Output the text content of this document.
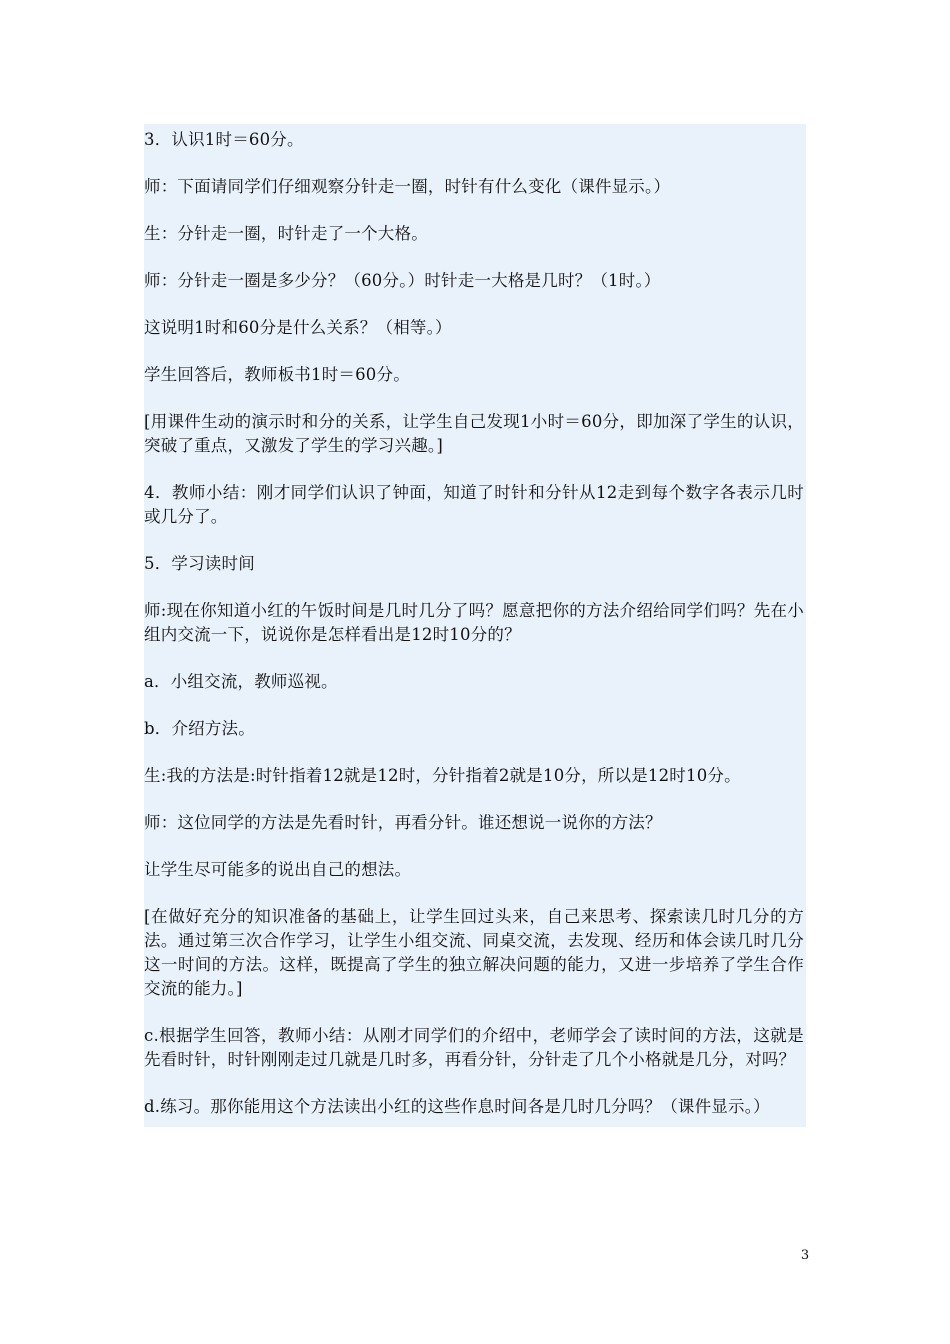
3．认识1时＝60分。

师：下面请同学们仔细观察分针走一圈，时针有什么变化（课件显示。）

生：分针走一圈，时针走了一个大格。

师：分针走一圈是多少分？（60分。）时针走一大格是几时？（1时。）

这说明1时和60分是什么关系？（相等。）

学生回答后，教师板书1时＝60分。

[用课件生动的演示时和分的关系，让学生自己发现1小时＝60分，即加深了学生的认识，突破了重点，又激发了学生的学习兴趣。]

4．教师小结：刚才同学们认识了钟面，知道了时针和分针从12走到每个数字各表示几时或几分了。

5．学习读时间

师:现在你知道小红的午饭时间是几时几分了吗？愿意把你的方法介绍给同学们吗？先在小组内交流一下，说说你是怎样看出是12时10分的？

a．小组交流，教师巡视。

b．介绍方法。

生:我的方法是:时针指着12就是12时，分针指着2就是10分，所以是12时10分。

师：这位同学的方法是先看时针，再看分针。谁还想说一说你的方法？

让学生尽可能多的说出自己的想法。

[在做好充分的知识准备的基础上，让学生回过头来，自己来思考、探索读几时几分的方法。通过第三次合作学习，让学生小组交流、同桌交流，去发现、经历和体会读几时几分这一时间的方法。这样，既提高了学生的独立解决问题的能力，又进一步培养了学生合作交流的能力。]

c.根据学生回答，教师小结：从刚才同学们的介绍中，老师学会了读时间的方法，这就是先看时针，时针刚刚走过几就是几时多，再看分针，分针走了几个小格就是几分，对吗？

d.练习。那你能用这个方法读出小红的这些作息时间各是几时几分吗？（课件显示。）

3
